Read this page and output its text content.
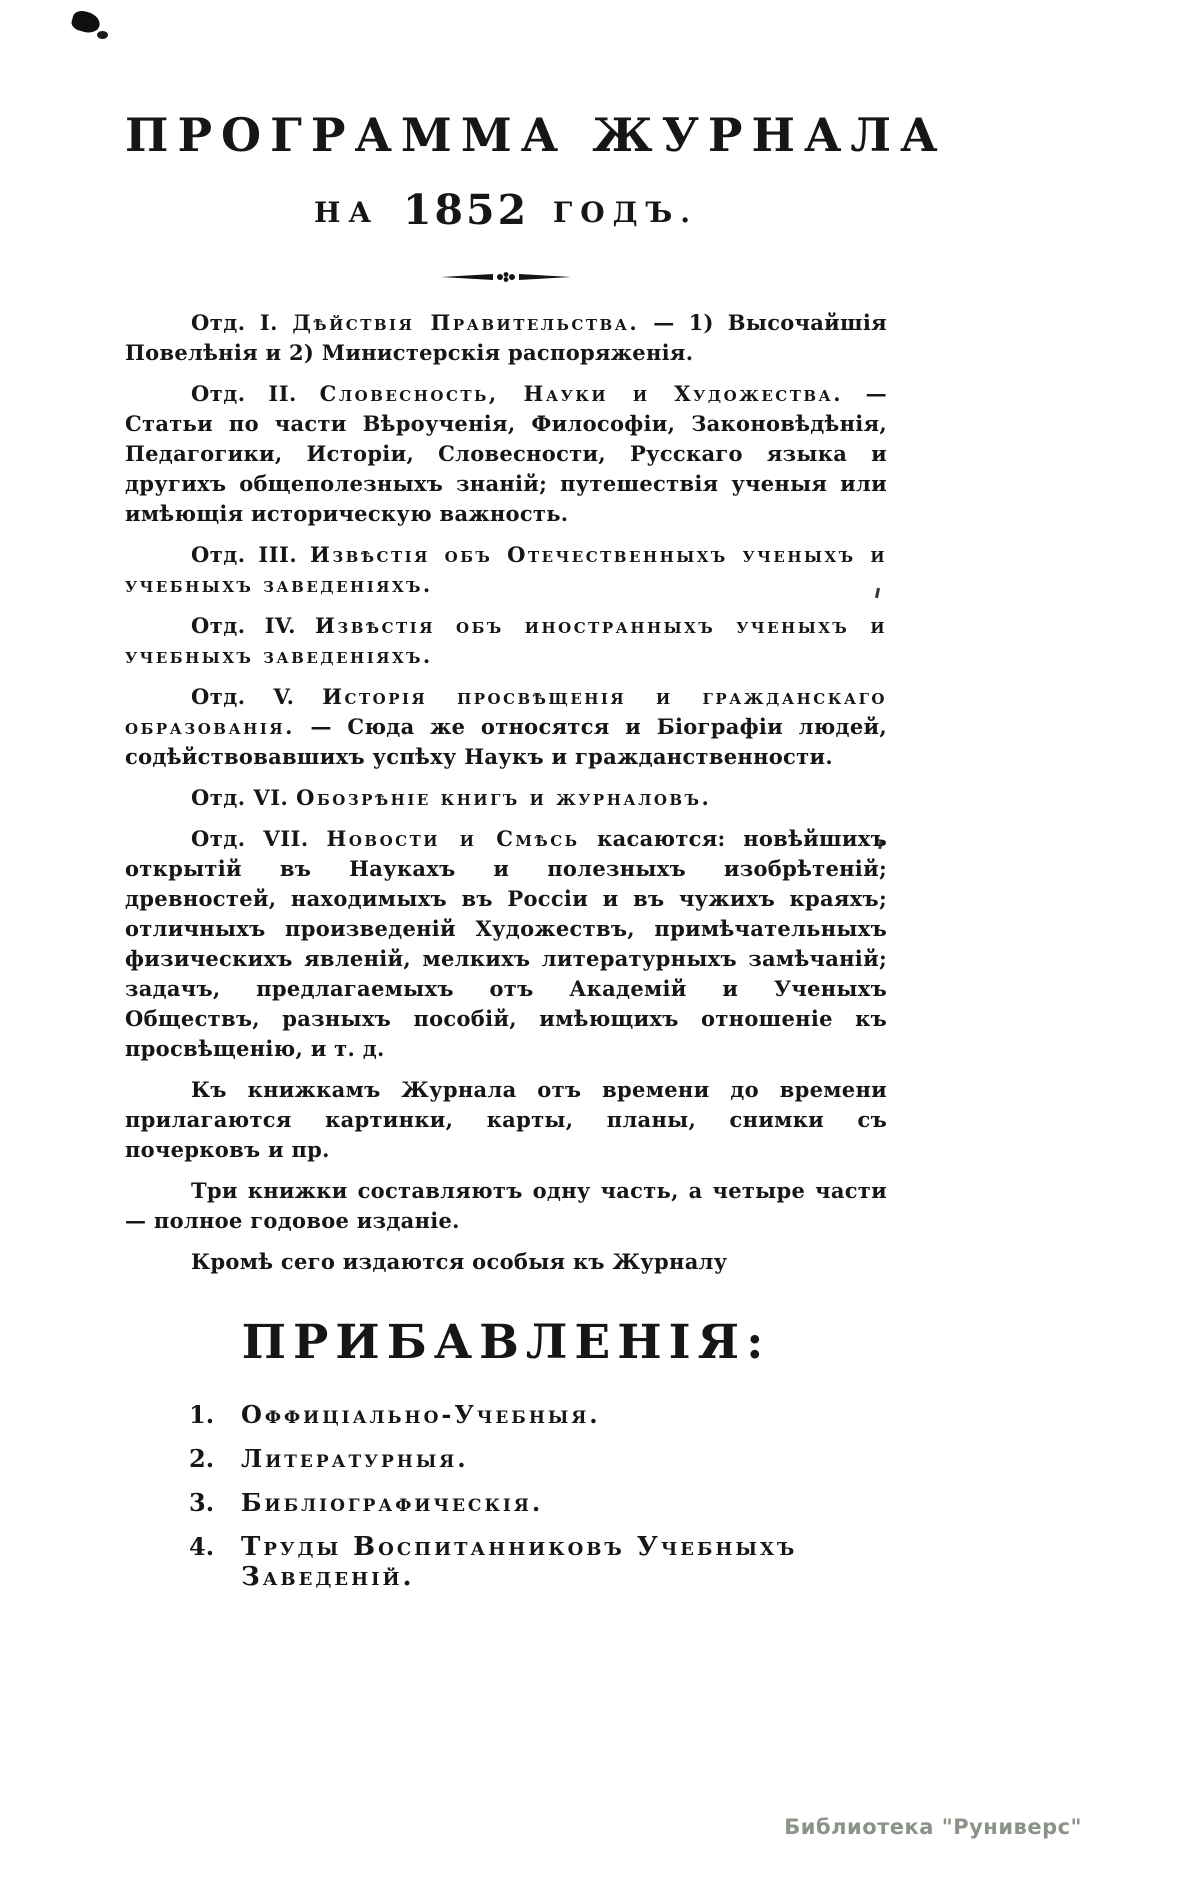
ПРОГРАММА ЖУРНАЛА
НА 1852 ГОДЪ.

Отд. I. Дѣйствія Правительства. — 1) Высочайшія Повелѣнія и 2) Министерскія распоряженія.

Отд. II. Словесность, Науки и Художества. — Статьи по части Вѣроученія, Философіи, Законовѣдѣнія, Педагогики, Исторіи, Словесности, Русскаго языка и другихъ общеполезныхъ знаній; путешествія ученыя или имѣющія историческую важность.

Отд. III. Извѣстія объ Отечественныхъ ученыхъ и учебныхъ заведеніяхъ.

Отд. IV. Извѣстія объ иностранныхъ ученыхъ и учебныхъ заведеніяхъ.

Отд. V. Исторія просвѣщенія и гражданскаго образованія. — Сюда же относятся и Біографіи людей, содѣйствовавшихъ успѣху Наукъ и гражданственности.

Отд. VI. Обозрѣніе книгъ и журналовъ.

Отд. VII. Новости и Смѣсь касаются: новѣйшихъ открытій въ Наукахъ и полезныхъ изобрѣтеній; древностей, находимыхъ въ Россіи и въ чужихъ краяхъ; отличныхъ произведеній Художествъ, примѣчательныхъ физическихъ явленій, мелкихъ литературныхъ замѣчаній; задачъ, предлагаемыхъ отъ Академій и Ученыхъ Обществъ, разныхъ пособій, имѣющихъ отношеніе къ просвѣщенію, и т. д.

Къ книжкамъ Журнала отъ времени до времени прилагаются картинки, карты, планы, снимки съ почерковъ и пр.

Три книжки составляютъ одну часть, а четыре части — полное годовое изданіе.

Кромѣ сего издаются особыя къ Журналу

ПРИБАВЛЕНІЯ:
1.	Оффиціально-Учебныя.
2.	Литературныя.
3.	Библіографическія.
4.	Труды Воспитанниковъ Учебныхъ Заведеній.
Библиотека "Руниверс"
